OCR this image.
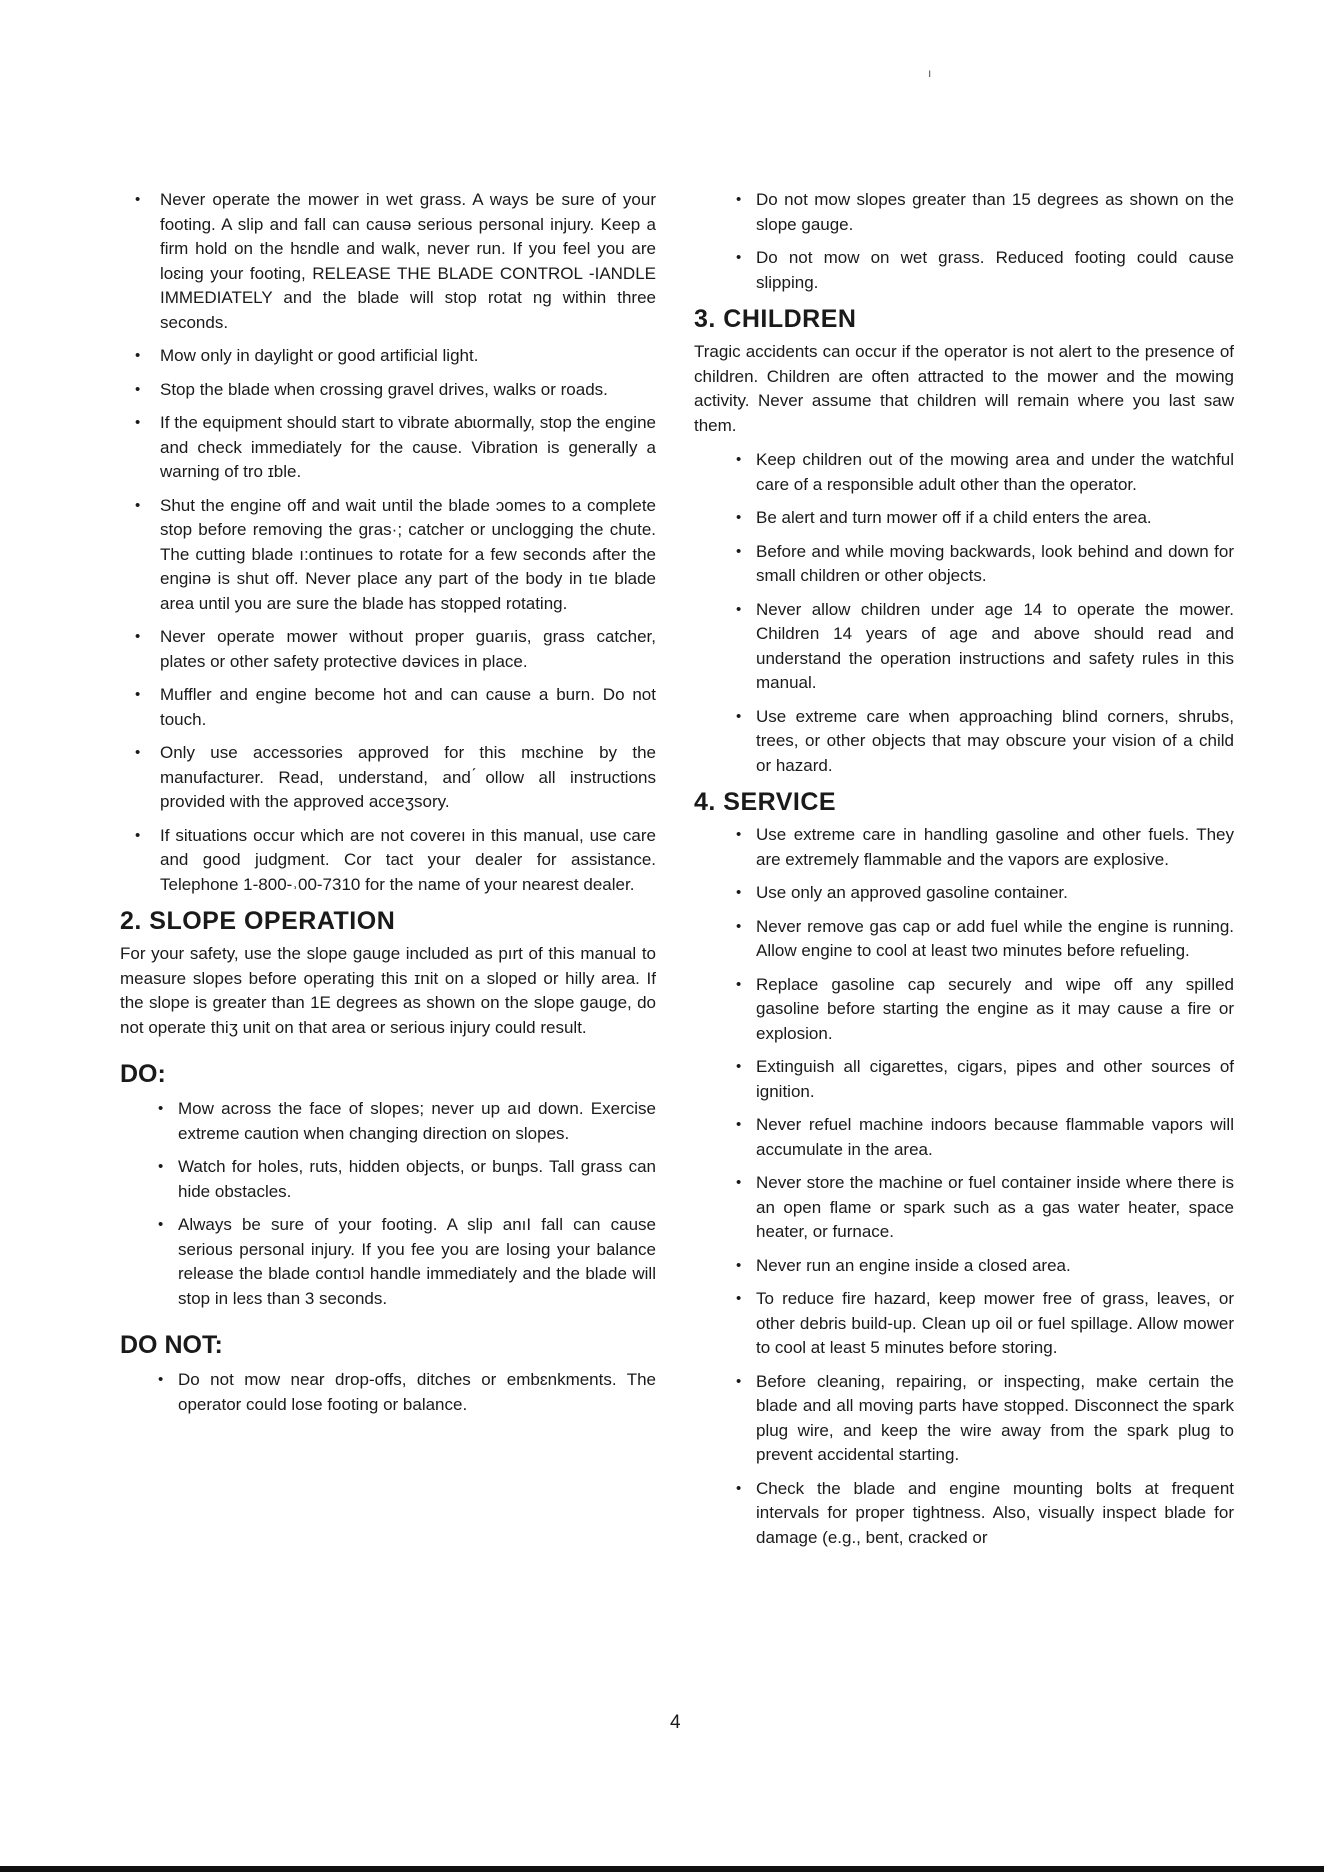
ı
• Never operate the mower in wet grass. A ways be sure of your footing. A slip and fall can causə serious personal injury. Keep a firm hold on the hɛndle and walk, never run. If you feel you are loɛing your footing, RELEASE THE BLADE CONTROL ‐IANDLE IMMEDIATELY and the blade will stop rotat ng within three seconds.
• Mow only in daylight or good artificial light.
• Stop the blade when crossing gravel drives, walks or roads.
• If the equipment should start to vibrate abɩormally, stop the engine and check immediately for the cause. Vibration is generally a warning of tro ɪble.
• Shut the engine off and wait until the blade ɔomes to a complete stop before removing the gras·; catcher or unclogging the chute. The cutting blade ı:ontinues to rotate for a few seconds after the enginə is shut off. Never place any part of the body in tıe blade area until you are sure the blade has stopped rotating.
• Never operate mower without proper guarıis, grass catcher, plates or other safety protective dəvices in place.
• Muffler and engine become hot and can cause a burn. Do not touch.
• Only use accessories approved for this mɛchine by the manufacturer. Read, understand, and ́ollow all instructions provided with the approved acceʒsory.
• If situations occur which are not covereı in this manual, use care and good judgment. Cor tact your dealer for assistance. Telephone 1-800-˒00-7310 for the name of your nearest dealer.
2. SLOPE OPERATION

For your safety, use the slope gauge included as pırt of this manual to measure slopes before operating this ɪnit on a sloped or hilly area. If the slope is greater than 1Ε degrees as shown on the slope gauge, do not operate thiʒ unit on that area or serious injury could result.

DO:
• Mow across the face of slopes; never up aıd down. Exercise extreme caution when changing direction on slopes.
• Watch for holes, ruts, hidden objects, or buɳps. Tall grass can hide obstacles.
• Always be sure of your footing. A slip anıI fall can cause serious personal injury. If you fee you are losing your balance release the blade contıɔl handle immediately and the blade will stop in leɛs than 3 seconds.
DO NOT:
• Do not mow near drop-offs, ditches or embɛnkments. The operator could lose footing or balance.
• Do not mow slopes greater than 15 degrees as shown on the slope gauge.
• Do not mow on wet grass. Reduced footing could cause slipping.
3. CHILDREN

Tragic accidents can occur if the operator is not alert to the presence of children. Children are often attracted to the mower and the mowing activity. Never assume that children will remain where you last saw them.

• Keep children out of the mowing area and under the watchful care of a responsible adult other than the operator.
• Be alert and turn mower off if a child enters the area.
• Before and while moving backwards, look behind and down for small children or other objects.
• Never allow children under age 14 to operate the mower. Children 14 years of age and above should read and understand the operation instructions and safety rules in this manual.
• Use extreme care when approaching blind corners, shrubs, trees, or other objects that may obscure your vision of a child or hazard.
4. SERVICE
• Use extreme care in handling gasoline and other fuels. They are extremely flammable and the vapors are explosive.
• Use only an approved gasoline container.
• Never remove gas cap or add fuel while the engine is running. Allow engine to cool at least two minutes before refueling.
• Replace gasoline cap securely and wipe off any spilled gasoline before starting the engine as it may cause a fire or explosion.
• Extinguish all cigarettes, cigars, pipes and other sources of ignition.
• Never refuel machine indoors because flammable vapors will accumulate in the area.
• Never store the machine or fuel container inside where there is an open flame or spark such as a gas water heater, space heater, or furnace.
• Never run an engine inside a closed area.
• To reduce fire hazard, keep mower free of grass, leaves, or other debris build-up. Clean up oil or fuel spillage. Allow mower to cool at least 5 minutes before storing.
• Before cleaning, repairing, or inspecting, make certain the blade and all moving parts have stopped. Disconnect the spark plug wire, and keep the wire away from the spark plug to prevent accidental starting.
• Check the blade and engine mounting bolts at frequent intervals for proper tightness. Also, visually inspect blade for damage (e.g., bent, cracked or
4
